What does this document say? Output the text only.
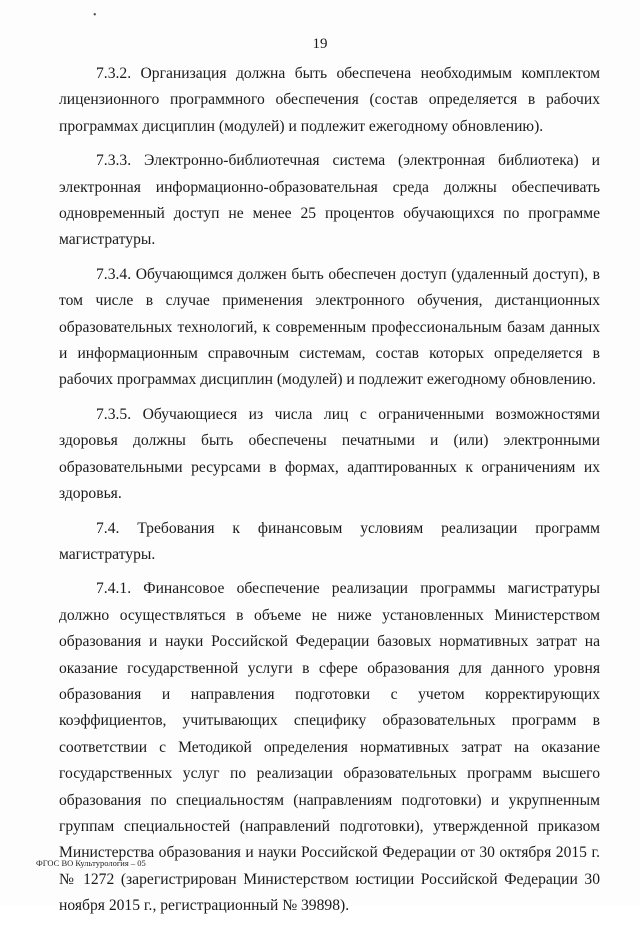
•
19

7.3.2. Организация должна быть обеспечена необходимым комплектом лицензионного программного обеспечения (состав определяется в рабочих программах дисциплин (модулей) и подлежит ежегодному обновлению).

7.3.3. Электронно-библиотечная система (электронная библиотека) и электронная информационно-образовательная среда должны обеспечивать одновременный доступ не менее 25 процентов обучающихся по программе магистратуры.

7.3.4. Обучающимся должен быть обеспечен доступ (удаленный доступ), в том числе в случае применения электронного обучения, дистанционных образовательных технологий, к современным профессиональным базам данных и информационным справочным системам, состав которых определяется в рабочих программах дисциплин (модулей) и подлежит ежегодному обновлению.

7.3.5. Обучающиеся из числа лиц с ограниченными возможностями здоровья должны быть обеспечены печатными и (или) электронными образовательными ресурсами в формах, адаптированных к ограничениям их здоровья.

7.4. Требования к финансовым условиям реализации программ магистратуры.

7.4.1. Финансовое обеспечение реализации программы магистратуры должно осуществляться в объеме не ниже установленных Министерством образования и науки Российской Федерации базовых нормативных затрат на оказание государственной услуги в сфере образования для данного уровня образования и направления подготовки с учетом корректирующих коэффициентов, учитывающих специфику образовательных программ в соответствии с Методикой определения нормативных затрат на оказание государственных услуг по реализации образовательных программ высшего образования по специальностям (направлениям подготовки) и укрупненным группам специальностей (направлений подготовки), утвержденной приказом Министерства образования и науки Российской Федерации от 30 октября 2015 г. № 1272 (зарегистрирован Министерством юстиции Российской Федерации 30 ноября 2015 г., регистрационный № 39898).

ФГОС ВО Культурология – 05
